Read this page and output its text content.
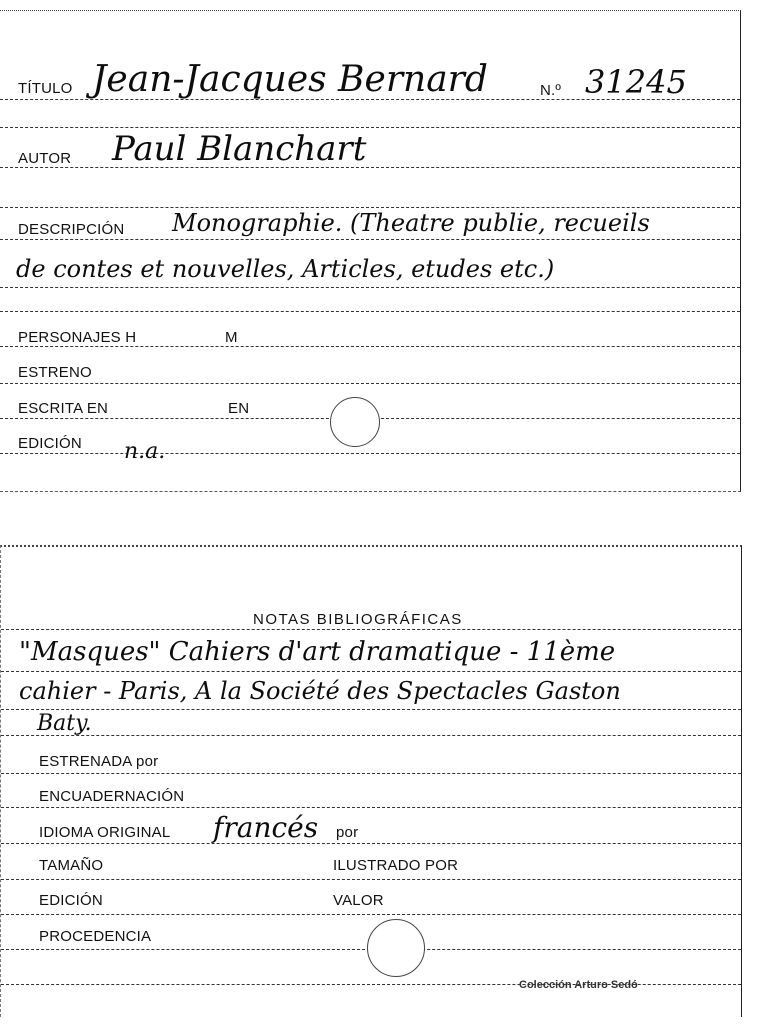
TÍTULO Jean-Jacques Bernard	N.º 31245
AUTOR Paul Blanchart
DESCRIPCIÓN Monographie. (Theatre publie, recueils
de contes et nouvelles, Articles, etudes etc.)
PERSONAJES H	M
ESTRENO
ESCRITA EN	EN
EDICIÓN n.a.
NOTAS BIBLIOGRÁFICAS
"Masques" Cahiers d'art dramatique - 11ème
cahier - Paris, A la Société des Spectacles Gaston
Baty.
ESTRENADA por
ENCUADERNACIÓN
IDIOMA ORIGINAL francés por
TAMAÑO	ILUSTRADO POR
EDICIÓN	VALOR
PROCEDENCIA
Colección Arturo Sedó
